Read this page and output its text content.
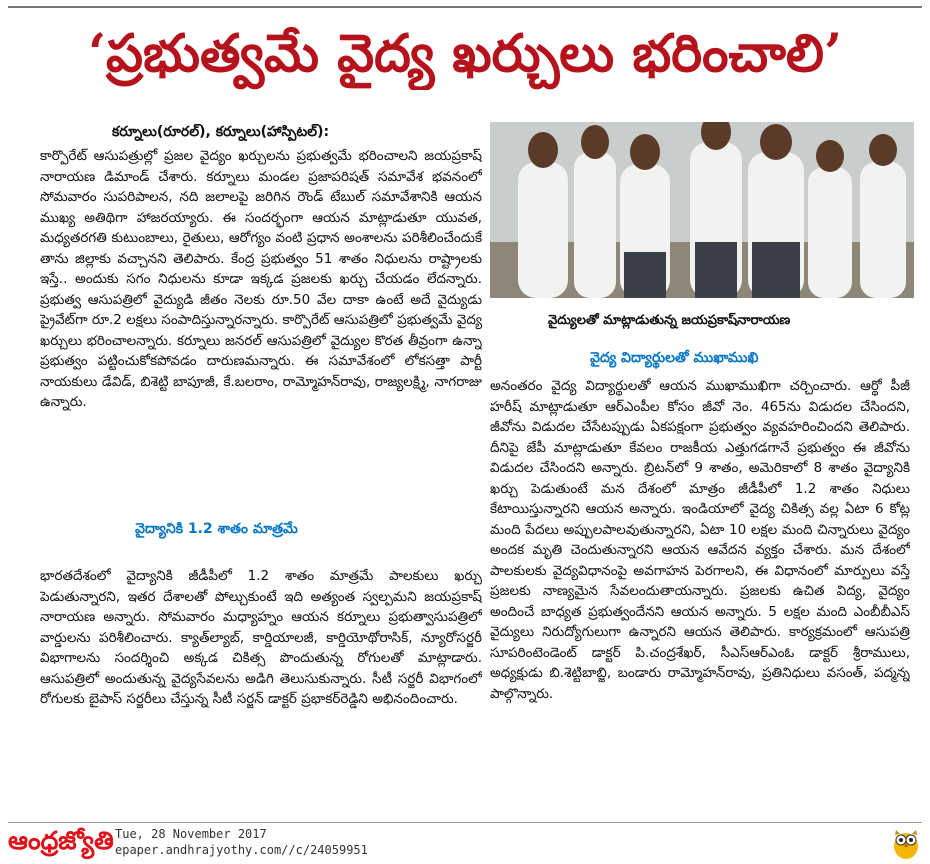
‘ప్రభుత్వమే వైద్య ఖర్చులు భరించాలి’
కర్నూలు(రూరల్), కర్నూలు(హాస్పిటల్):

కార్పొరేట్ ఆసుపత్రుల్లో ప్రజల వైద్యం ఖర్చులను ప్రభుత్వమే భరించాలని జయప్రకాష్ నారాయణ డిమాండ్ చేశారు. కర్నూలు మండల ప్రజాపరిషత్ సమావేశ భవనంలో సోమవారం సుపరిపాలన, నది జలాలపై జరిగిన రౌండ్ టేబుల్ సమావేశానికి ఆయన ముఖ్య అతిథిగా హాజరయ్యారు. ఈ సందర్భంగా ఆయన మాట్లాడుతూ యువత, మధ్యతరగతి కుటుంబాలు, రైతులు, ఆరోగ్యం వంటి ప్రధాన అంశాలను పరిశీలించేందుకే తాను జిల్లాకు వచ్చానని తెలిపారు. కేంద్ర ప్రభుత్వం 51 శాతం నిధులను రాష్ట్రాలకు ఇస్తే.. అందుకు సగం నిధులను కూడా ఇక్కడ ప్రజలకు ఖర్చు చేయడం లేదన్నారు. ప్రభుత్వ ఆసుపత్రిలో వైద్యుడి జీతం నెలకు రూ.50 వేల దాకా ఉంటే అదే వైద్యుడు ప్రైవేట్‌గా రూ.2 లక్షలు సంపాదిస్తున్నారన్నారు. కార్పొరేట్ ఆసుపత్రిలో ప్రభుత్వమే వైద్య ఖర్చులు భరించాలన్నారు. కర్నూలు జనరల్ ఆసుపత్రిలో వైద్యుల కొరత తీవ్రంగా ఉన్నా ప్రభుత్వం పట్టించుకోకపోవడం దారుణమన్నారు. ఈ సమావేశంలో లోకసత్తా పార్టీ నాయకులు డేవిడ్, బిశెట్టి బాపూజీ, కే.బలరాం, రామ్మోహన్‌రావు, రాజ్యలక్ష్మి, నాగరాజు ఉన్నారు.

వైద్యానికి 1.2 శాతం మాత్రమే

భారతదేశంలో వైద్యానికి జీడీపీలో 1.2 శాతం మాత్రమే పాలకులు ఖర్చు పెడుతున్నారని, ఇతర దేశాలతో పోల్చుకుంటే ఇది అత్యంత స్వల్పమని జయప్రకాష్ నారాయణ అన్నారు. సోమవారం మధ్యాహ్నం ఆయన కర్నూలు ప్రభుత్వాసుపత్రిలో వార్డులను పరిశీలించారు. క్యాత్‌ల్యాబ్, కార్డియాలజీ, కార్డియోథోరాసిక్, న్యూరోసర్జరీ విభాగాలను సందర్శించి అక్కడ చికిత్స పొందుతున్న రోగులతో మాట్లాడారు. ఆసుపత్రిలో అందుతున్న వైద్యసేవలను అడిగి తెలుసుకున్నారు. సీటీ సర్జరీ విభాగంలో రోగులకు బైపాస్ సర్జరీలు చేస్తున్న సీటీ సర్జన్ డాక్టర్ ప్రభాకర్‌రెడ్డిని అభినందించారు.

వైద్యులతో మాట్లాడుతున్న జయప్రకాష్‌నారాయణ
వైద్య విద్యార్థులతో ముఖాముఖి

అనంతరం వైద్య విద్యార్థులతో ఆయన ముఖాముఖిగా చర్చించారు. ఆర్థో పీజీ హరీష్ మాట్లాడుతూ ఆర్‌ఎంపీల కోసం జీవో నెం. 465ను విడుదల చేసిందని, జీవోను విడుదల చేసేటప్పుడు ఏకపక్షంగా ప్రభుత్వం వ్యవహరించిందని తెలిపారు. దీనిపై జేపీ మాట్లాడుతూ కేవలం రాజకీయ ఎత్తుగడగానే ప్రభుత్వం ఈ జీవోను విడుదల చేసిందని అన్నారు. బ్రిటన్‌లో 9 శాతం, అమెరికాలో 8 శాతం వైద్యానికి ఖర్చు పెడుతుంటే మన దేశంలో మాత్రం జీడీపీలో 1.2 శాతం నిధులు కేటాయిస్తున్నారని ఆయన అన్నారు. ఇండియాలో వైద్య చికిత్స వల్ల ఏటా 6 కోట్ల మంది పేదలు అప్పులపాలవుతున్నారని, ఏటా 10 లక్షల మంది చిన్నారులు వైద్యం అందక మృతి చెందుతున్నారని ఆయన ఆవేదన వ్యక్తం చేశారు. మన దేశంలో పాలకులకు వైద్యవిధానంపై అవగాహన పెరగాలని, ఈ విధానంలో మార్పులు వస్తే ప్రజలకు నాణ్యమైన సేవలందుతాయన్నారు. ప్రజలకు ఉచిత విద్య, వైద్యం అందించే బాధ్యత ప్రభుత్వందేనని ఆయన అన్నారు. 5 లక్షల మంది ఎంబీబీఎస్ వైద్యులు నిరుద్యోగులుగా ఉన్నారని ఆయన తెలిపారు. కార్యక్రమంలో ఆసుపత్రి సూపరింటెండెంట్ డాక్టర్ పి.చంద్రశేఖర్, సీఎస్‌ఆర్‌ఎంఓ డాక్టర్ శ్రీరాములు, అధ్యక్షుడు బి.శెట్టిబాబ్జి, బండారు రామ్మోహన్‌రావు, ప్రతినిధులు వసంత్, పద్మన్న పాల్గొన్నారు.

ఆంధ్రజ్యోతి Tue, 28 November 2017
epaper.andhrajyothy.com//c/24059951
